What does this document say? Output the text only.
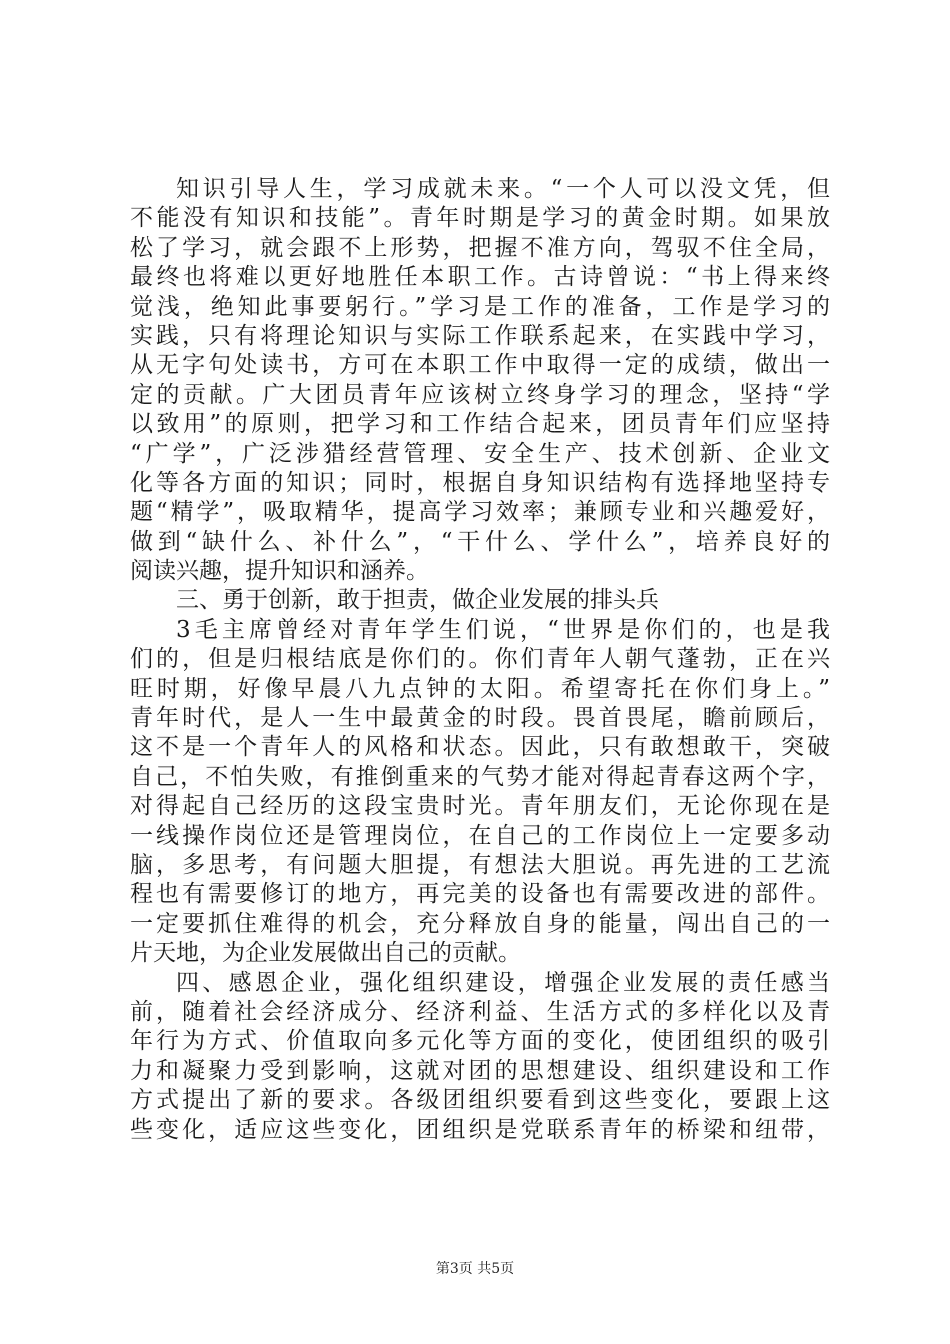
知识引导人生，学习成就未来。“一个人可以没文凭，但
不能没有知识和技能”。青年时期是学习的黄金时期。如果放
松了学习，就会跟不上形势，把握不准方向，驾驭不住全局，
最终也将难以更好地胜任本职工作。古诗曾说：“书上得来终
觉浅，绝知此事要躬行。”学习是工作的准备，工作是学习的
实践，只有将理论知识与实际工作联系起来，在实践中学习，
从无字句处读书，方可在本职工作中取得一定的成绩，做出一
定的贡献。广大团员青年应该树立终身学习的理念，坚持“学
以致用”的原则，把学习和工作结合起来，团员青年们应坚持
“广学”，广泛涉猎经营管理、安全生产、技术创新、企业文
化等各方面的知识；同时，根据自身知识结构有选择地坚持专
题“精学”，吸取精华，提高学习效率；兼顾专业和兴趣爱好，
做到“缺什么、补什么”，“干什么、学什么”，培养良好的
阅读兴趣，提升知识和涵养。
三、勇于创新，敢于担责，做企业发展的排头兵
3毛主席曾经对青年学生们说，“世界是你们的，也是我
们的，但是归根结底是你们的。你们青年人朝气蓬勃，正在兴
旺时期，好像早晨八九点钟的太阳。希望寄托在你们身上。”
青年时代，是人一生中最黄金的时段。畏首畏尾，瞻前顾后，
这不是一个青年人的风格和状态。因此，只有敢想敢干，突破
自己，不怕失败，有推倒重来的气势才能对得起青春这两个字，
对得起自己经历的这段宝贵时光。青年朋友们，无论你现在是
一线操作岗位还是管理岗位，在自己的工作岗位上一定要多动
脑，多思考，有问题大胆提，有想法大胆说。再先进的工艺流
程也有需要修订的地方，再完美的设备也有需要改进的部件。
一定要抓住难得的机会，充分释放自身的能量，闯出自己的一
片天地，为企业发展做出自己的贡献。
四、感恩企业，强化组织建设，增强企业发展的责任感当
前，随着社会经济成分、经济利益、生活方式的多样化以及青
年行为方式、价值取向多元化等方面的变化，使团组织的吸引
力和凝聚力受到影响，这就对团的思想建设、组织建设和工作
方式提出了新的要求。各级团组织要看到这些变化，要跟上这
些变化，适应这些变化，团组织是党联系青年的桥梁和纽带，
第3页 共5页
